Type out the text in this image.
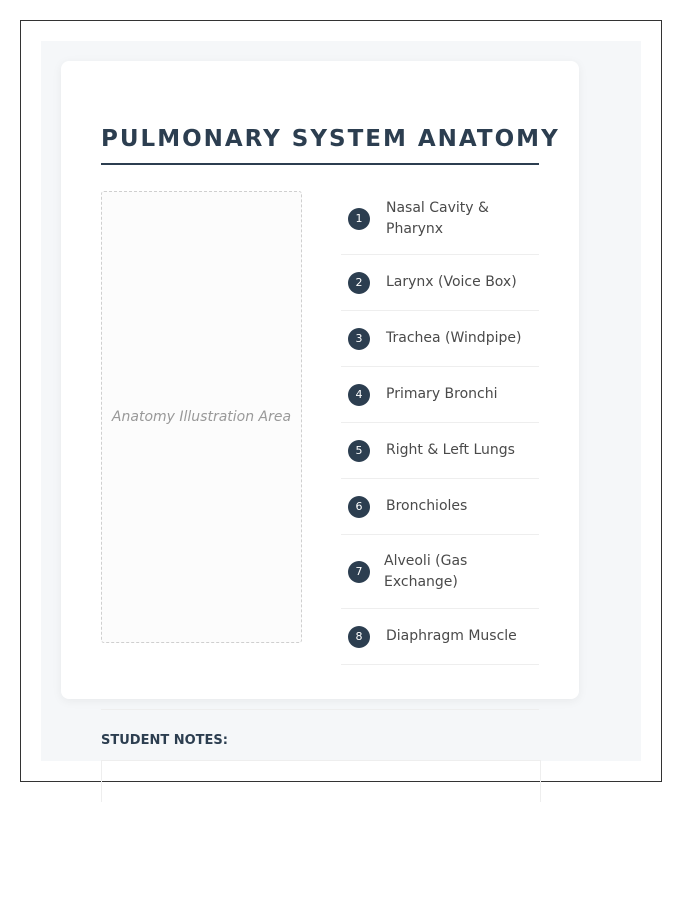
PULMONARY SYSTEM ANATOMY
Anatomy Illustration Area
1
Nasal Cavity & Pharynx
2	Larynx (Voice Box)
3	Trachea (Windpipe)
4	Primary Bronchi
5	Right & Left Lungs
6	Bronchioles
7
Alveoli (Gas Exchange)
8	Diaphragm Muscle
STUDENT NOTES:
